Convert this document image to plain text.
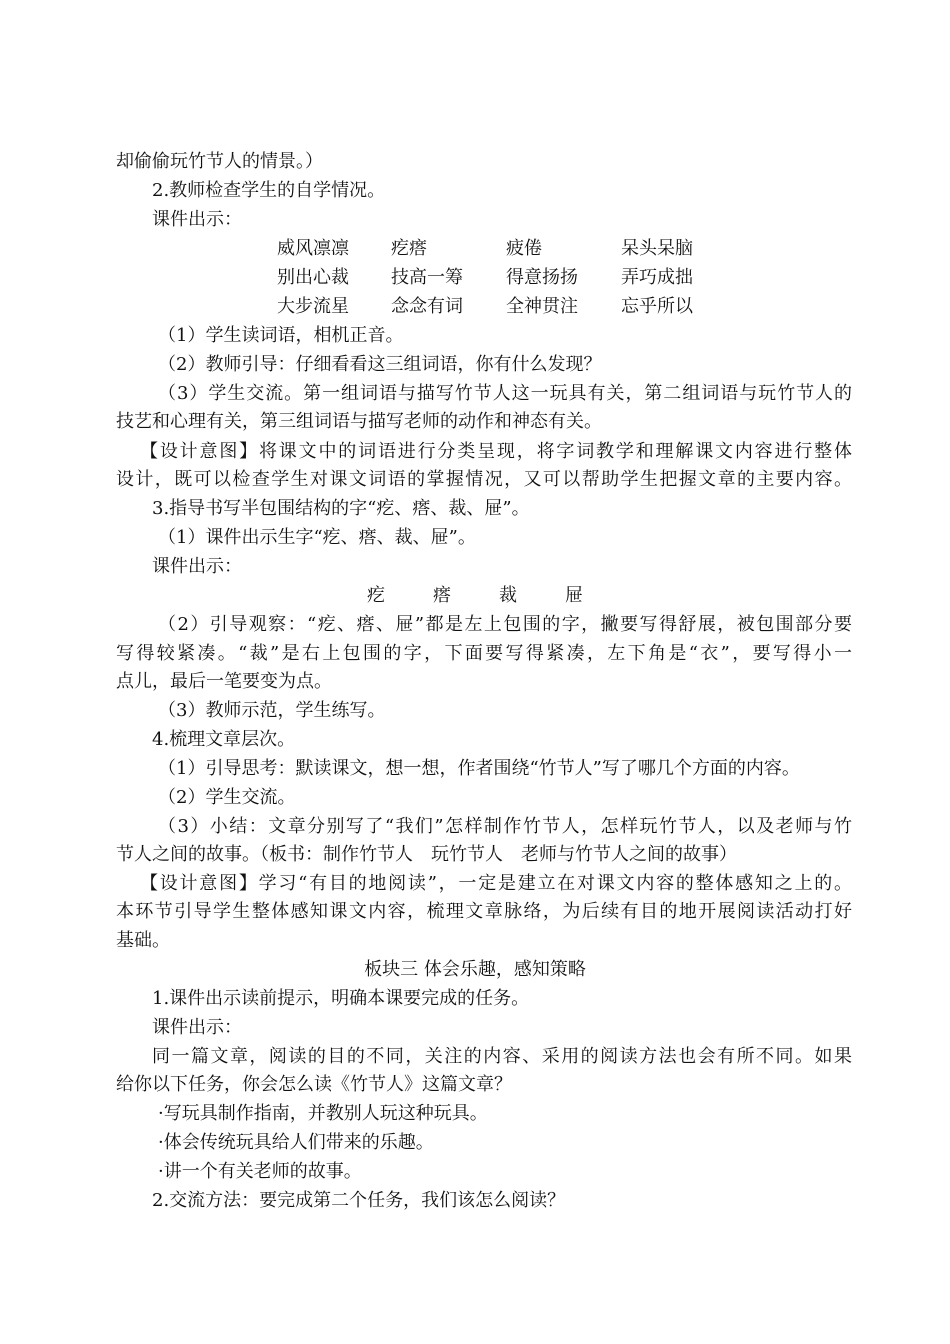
却偷偷玩竹节人的情景。）
2.教师检查学生的自学情况。
课件出示：
威风凛凛 疙瘩	疲倦	呆头呆脑
别出心裁 技高一筹 得意扬扬 弄巧成拙
大步流星 念念有词 全神贯注 忘乎所以
（1）学生读词语，相机正音。
（2）教师引导：仔细看看这三组词语，你有什么发现？
（3）学生交流。第一组词语与描写竹节人这一玩具有关，第二组词语与玩竹节人的
技艺和心理有关，第三组词语与描写老师的动作和神态有关。
【设计意图】将课文中的词语进行分类呈现，将字词教学和理解课文内容进行整体
设计，既可以检查学生对课文词语的掌握情况，又可以帮助学生把握文章的主要内容。
3.指导书写半包围结构的字“疙、瘩、裁、屉”。
（1）课件出示生字“疙、瘩、裁、屉”。
课件出示：
疙	瘩	裁	屉
（2）引导观察：“疙、瘩、屉”都是左上包围的字，撇要写得舒展，被包围部分要
写得较紧凑。“裁”是右上包围的字，下面要写得紧凑，左下角是“衣”，要写得小一
点儿，最后一笔要变为点。
（3）教师示范，学生练写。
4.梳理文章层次。
（1）引导思考：默读课文，想一想，作者围绕“竹节人”写了哪几个方面的内容。
（2）学生交流。
（3）小结：文章分别写了“我们”怎样制作竹节人，怎样玩竹节人，以及老师与竹
节人之间的故事。（板书：制作竹节人　玩竹节人　老师与竹节人之间的故事）
【设计意图】学习“有目的地阅读”，一定是建立在对课文内容的整体感知之上的。
本环节引导学生整体感知课文内容，梳理文章脉络，为后续有目的地开展阅读活动打好
基础。
板块三 体会乐趣，感知策略
1.课件出示读前提示，明确本课要完成的任务。
课件出示：
同一篇文章，阅读的目的不同，关注的内容、采用的阅读方法也会有所不同。如果
给你以下任务，你会怎么读《竹节人》这篇文章？
·写玩具制作指南，并教别人玩这种玩具。
·体会传统玩具给人们带来的乐趣。
·讲一个有关老师的故事。
2.交流方法：要完成第二个任务，我们该怎么阅读？
